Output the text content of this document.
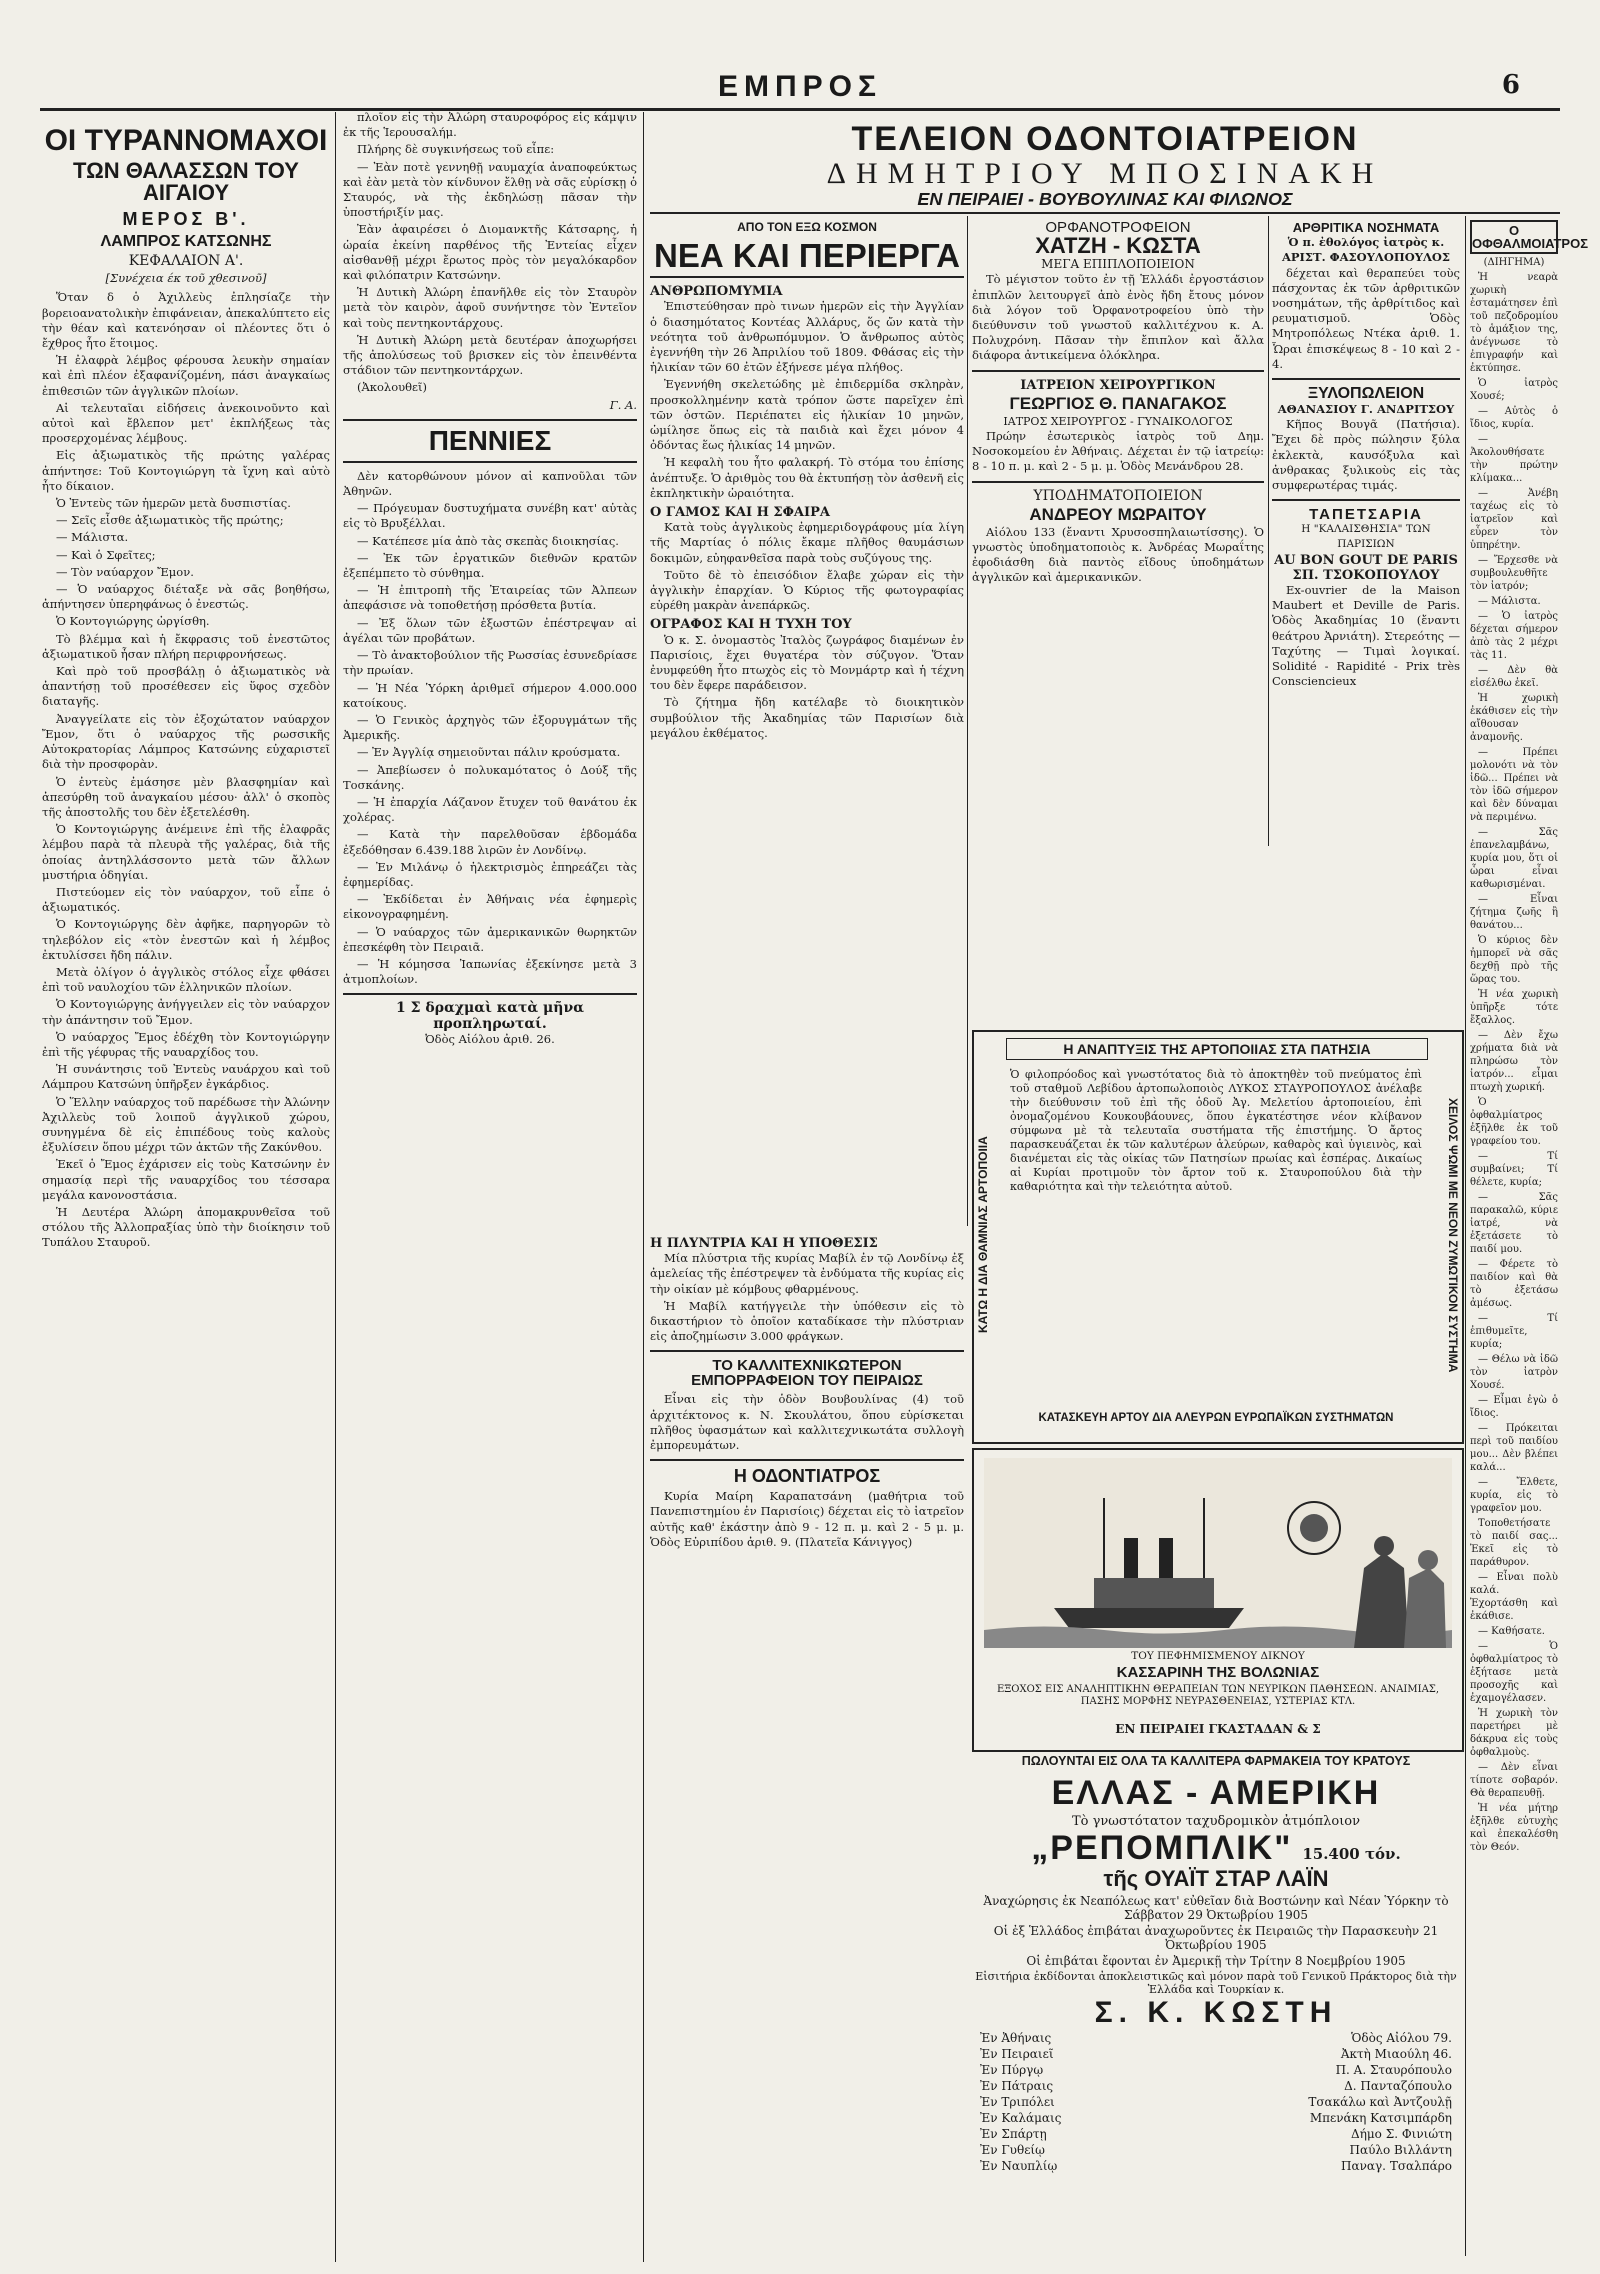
ΕΜΠΡΟΣ	6
ΟΙ ΤΥΡΑΝΝΟΜΑΧΟΙ
ΤΩΝ ΘΑΛΑΣΣΩΝ ΤΟΥ ΑΙΓΑΙΟΥ
ΜΕΡΟΣ Β'.
ΛΑΜΠΡΟΣ ΚΑΤΣΩΝΗΣ
ΚΕΦΑΛΑΙΟΝ Α'.
[Συνέχεια έκ τοῦ χθεσινοῦ]

Ὅταν δ ὁ Ἀχιλλεὺς ἐπλησίαζε τὴν βορειοανατολικὴν ἐπιφάνειαν, ἀπεκαλύπτετο εἰς τὴν θέαν καὶ κατενόησαν οἱ πλέοντες ὅτι ὁ ἔχθρος ἦτο ἕτοιμος.

Ἡ ἐλαφρὰ λέμβος φέρουσα λευκὴν σημαίαν καὶ ἐπὶ πλέον ἐξαφανίζομένη, πάσι ἀναγκαίως ἐπιθεσιῶν τῶν ἀγγλικῶν πλοίων.

Αἱ τελευταῖαι εἰδήσεις ἀνεκοινοῦντο καὶ αὐτοὶ καὶ ἔβλεπον μετ' ἐκπλήξεως τὰς προσερχομένας λέμβους.

Εἰς ἀξιωματικὸς τῆς πρώτης γαλέρας ἀπήντησε: Τοῦ Κοντογιώργη τὰ ἴχνη καὶ αὐτὸ ἦτο δίκαιον.

Ὁ Ἐντεὺς τῶν ἡμερῶν μετὰ δυσπιστίας.

— Σεῖς εἶσθε ἀξιωματικὸς τῆς πρώτης;

— Μάλιστα.

— Καὶ ὁ Σφεῖτες;

— Τὸν ναύαρχον Ἔμον.

— Ὁ ναύαρχος διέταξε νὰ σᾶς βοηθήσω, ἀπήντησεν ὑπερηφάνως ὁ ἐνεστώς.

Ὁ Κοντογιώργης ὡργίσθη.

Τὸ βλέμμα καὶ ἡ ἔκφρασις τοῦ ἐνεστῶτος ἀξιωματικοῦ ἦσαν πλήρη περιφρονήσεως.

Καὶ πρὸ τοῦ προσβάλῃ ὁ ἀξιωματικὸς νὰ ἀπαντήσῃ τοῦ προσέθεσεν εἰς ὕφος σχεδὸν διαταγῆς.

Ἀναγγείλατε εἰς τὸν ἐξοχώτατον ναύαρχον Ἔμον, ὅτι ὁ ναύαρχος τῆς ρωσσικῆς Αὐτοκρατορίας Λάμπρος Κατσώνης εὐχαριστεῖ διὰ τὴν προσφορὰν.

Ὁ ἐντεὺς ἐμάσησε μὲν βλασφημίαν καὶ ἀπεσύρθη τοῦ ἀναγκαίου μέσου· ἀλλ' ὁ σκοπὸς τῆς ἀποστολῆς του δὲν ἐξετελέσθη.

Ὁ Κοντογιώργης ἀνέμεινε ἐπὶ τῆς ἐλαφρᾶς λέμβου παρὰ τὰ πλευρὰ τῆς γαλέρας, διὰ τῆς ὁποίας ἀντηλλάσσοντο μετὰ τῶν ἄλλων μυστήρια ὁδηγίαι.

Πιστεύομεν εἰς τὸν ναύαρχον, τοῦ εἶπε ὁ ἀξιωματικός.

Ὁ Κοντογιώργης δὲν ἀφῆκε, παρηγορῶν τὸ τηλεβόλον εἰς «τὸν ἐνεστῶν καὶ ἡ λέμβος ἐκτυλίσσει ἤδη πάλιν.

Μετὰ ὀλίγον ὁ ἀγγλικὸς στόλος εἶχε φθάσει ἐπὶ τοῦ ναυλοχίου τῶν ἑλληνικῶν πλοίων.

Ὁ Κοντογιώργης ἀνήγγειλεν εἰς τὸν ναύαρχον τὴν ἀπάντησιν τοῦ Ἔμον.

Ὁ ναύαρχος Ἔμος ἐδέχθη τὸν Κοντογιώργην ἐπὶ τῆς γέφυρας τῆς ναυαρχίδος του.

Ἡ συνάντησις τοῦ Ἐντεὺς ναυάρχου καὶ τοῦ Λάμπρου Κατσώνη ὑπῆρξεν ἐγκάρδιος.

Ὁ Ἕλλην ναύαρχος τοῦ παρέδωσε τὴν Ἀλώνην Ἀχιλλεὺς τοῦ λοιποῦ ἀγγλικοῦ χώρου, συνηγμένα δὲ εἰς ἐπιπέδους τοὺς καλοὺς ἐξυλίσειν ὅπου μέχρι τῶν ἀκτῶν τῆς Ζακύνθου.

Ἐκεῖ ὁ Ἔμος ἐχάρισεν εἰς τοὺς Κατσώνην ἐν σημασίᾳ περὶ τῆς ναυαρχίδος του τέσσαρα μεγάλα κανονοστάσια.

Ἡ Δευτέρα Ἀλώρη ἀπομακρυνθεῖσα τοῦ στόλου τῆς Ἀλλοπραξίας ὑπὸ τὴν διοίκησιν τοῦ Τυπάλου Σταυροῦ.

πλοῖον εἰς τὴν Ἀλώρη σταυροφόρος εἰς κάμψιν ἐκ τῆς Ἱερουσαλήμ.

Πλήρης δὲ συγκινήσεως τοῦ εἶπε:

— Ἐὰν ποτὲ γεννηθῇ ναυμαχία ἀναποφεύκτως καὶ ἐὰν μετὰ τὸν κίνδυνον ἔλθῃ νὰ σᾶς εὑρίσκῃ ὁ Σταυρός, νὰ τὴς ἐκδηλώσῃ πᾶσαν τὴν ὑποστήριξίν μας.

Ἐὰν ἀφαιρέσει ὁ Διομανκτῆς Κάτσαρης, ἡ ὡραία ἐκείνη παρθένος τῆς Ἐντείας εἶχεν αἰσθανθῇ μέχρι ἔρωτος πρὸς τὸν μεγαλόκαρδον καὶ φιλόπατριν Κατσώνην.

Ἡ Δυτικὴ Ἀλώρη ἐπανῆλθε εἰς τὸν Σταυρὸν μετὰ τὸν καιρὸν, ἀφοῦ συνήντησε τὸν Ἐντεῖον καὶ τοὺς πεντηκοντάρχους.

Ἡ Δυτικὴ Ἀλώρη μετὰ δευτέραν ἀποχωρήσει τῆς ἀπολύσεως τοῦ βρισκεν εἰς τὸν ἐπεινθέντα στάδιον τῶν πεντηκοντάρχων.

(Ἀκολουθεῖ)

Γ. Α.
ΠΕΝΝΙΕΣ

Δὲν κατορθώνουν μόνον αἱ καπνοῦλαι τῶν Ἀθηνῶν.

— Πρόγευμαν δυστυχήματα συνέβη κατ' αὐτὰς εἰς τὸ Βρυξέλλαι.

— Κατέπεσε μία ἀπὸ τὰς σκεπὰς διοικησίας.

— Ἐκ τῶν ἐργατικῶν διεθνῶν κρατῶν ἐξεπέμπετο τὸ σύνθημα.

— Ἡ ἐπιτροπὴ τῆς Ἐταιρείας τῶν Ἀλπεων ἀπεφάσισε νὰ τοποθετήσῃ πρόσθετα βυτία.

— Ἐξ ὅλων τῶν ἐξωστῶν ἐπέστρεψαν αἱ ἀγέλαι τῶν προβάτων.

— Τὸ ἀνακτοβούλιον τῆς Ρωσσίας ἐσυνεδρίασε τὴν πρωίαν.

— Ἡ Νέα Ὑόρκη ἀριθμεῖ σήμερον 4.000.000 κατοίκους.

— Ὁ Γενικὸς ἀρχηγὸς τῶν ἐξορυγμάτων τῆς Ἀμερικῆς.

— Ἐν Ἀγγλίᾳ σημειοῦνται πάλιν κρούσματα.

— Ἀπεβίωσεν ὁ πολυκαμότατος ὁ Δούξ τῆς Τοσκάνης.

— Ἡ ἐπαρχία Λάζανον ἔτυχεν τοῦ θανάτου ἐκ χολέρας.

— Κατὰ τὴν παρελθοῦσαν ἑβδομάδα ἐξεδόθησαν 6.439.188 λιρῶν ἐν Λονδίνῳ.

— Ἐν Μιλάνῳ ὁ ἡλεκτρισμὸς ἐπηρεάζει τὰς ἐφημερίδας.

— Ἐκδίδεται ἐν Ἀθήναις νέα ἐφημερὶς εἰκονογραφημένη.

— Ὁ ναύαρχος τῶν ἀμερικανικῶν θωρηκτῶν ἐπεσκέφθη τὸν Πειραιᾶ.

— Ἡ κόμησσα Ἰαπωνίας ἐξεκίνησε μετὰ 3 ἀτμοπλοίων.

1 Σ δραχμαὶ κατὰ μῆνα προπληρωταί.
Ὀδὸς Αἰόλου ἀριθ. 26.
ΤΕΛΕΙΟΝ ΟΔΟΝΤΟΙΑΤΡΕΙΟΝ
ΔΗΜΗΤΡΙΟΥ ΜΠΟΣΙΝΑΚΗ
ΕΝ ΠΕΙΡΑΙΕΙ - ΒΟΥΒΟΥΛΙΝΑΣ ΚΑΙ ΦΙΛΩΝΟΣ
ΑΠΟ ΤΟΝ ΕΞΩ ΚΟΣΜΟΝ
ΝΕΑ ΚΑΙ ΠΕΡΙΕΡΓΑ
ΑΝΘΡΩΠΟΜΥΜΙΑ

Ἐπιστεύθησαν πρὸ τινων ἡμερῶν εἰς τὴν Ἀγγλίαν ὁ διασημότατος Κοντέας Ἀλλάρυς, ὅς ὤν κατὰ τὴν νεότητα τοῦ ἀνθρωπόμυμον. Ὁ ἄνθρωπος αὐτὸς ἐγεννήθη τὴν 26 Ἀπριλίου τοῦ 1809. Φθάσας εἰς τὴν ἡλικίαν τῶν 60 ἐτῶν ἐξήνεσε μέγα πλήθος.

Ἐγεννήθη σκελετώδης μὲ ἐπιδερμίδα σκληρὰν, προσκολλημένην κατὰ τρόπον ὥστε παρεῖχεν ἐπὶ τῶν ὀστῶν. Περιέπατει εἰς ἡλικίαν 10 μηνῶν, ὡμίλησε ὅπως εἰς τὰ παιδιὰ καὶ ἔχει μόνον 4 ὀδόντας ἕως ἡλικίας 14 μηνῶν.

Ἡ κεφαλὴ του ἦτο φαλακρή. Τὸ στόμα του ἐπίσης ἀνέπτυξε. Ὁ ἀριθμὸς του θὰ ἐκτυπήσῃ τὸν ἀσθενῆ εἰς ἐκπληκτικὴν ὡραιότητα.

Ο ΓΑΜΟΣ ΚΑΙ Η ΣΦΑΙΡΑ

Κατὰ τοὺς ἀγγλικοὺς ἐφημεριδογράφους μία λίγη τῆς Μαρτίας ὁ πόλις ἔκαμε πλῆθος θαυμάσιων δοκιμῶν, εὐηφανθεῖσα παρὰ τοὺς συζύγους της.

Τοῦτο δὲ τὸ ἐπεισόδιον ἔλαβε χώραν εἰς τὴν ἀγγλικὴν ἐπαρχίαν. Ὁ Κύριος τῆς φωτογραφίας εὑρέθη μακρὰν ἀνεπάρκῶς.

ΟΓΡΑΦΟΣ ΚΑΙ Η ΤΥΧΗ ΤΟΥ

Ὁ κ. Σ. ὀνομαστὸς Ἰταλὸς ζωγράφος διαμένων ἐν Παρισίοις, ἔχει θυγατέρα τὸν σύζυγον. Ὅταν ἐνυμφεύθη ἦτο πτωχὸς εἰς τὸ Μονμάρτρ καὶ ἡ τέχνη του δὲν ἔφερε παράδεισον.

Τὸ ζήτημα ἤδη κατέλαβε τὸ διοικητικὸν συμβούλιον τῆς Ἀκαδημίας τῶν Παρισίων διὰ μεγάλου ἐκθέματος.

ΟΡΦΑΝΟΤΡΟΦΕΙΟΝ
ΧΑΤΖΗ - ΚΩΣΤΑ
ΜΕΓΑ ΕΠΙΠΛΟΠΟΙΕΙΟΝ

Τὸ μέγιστον τοῦτο ἐν τῇ Ἑλλάδι ἐργοστάσιον ἐπιπλῶν λειτουργεῖ ἀπὸ ἐνὸς ἤδη ἔτους μόνον διὰ λόγον τοῦ Ὀρφανοτροφείου ὑπὸ τὴν διεύθυνσιν τοῦ γνωστοῦ καλλιτέχνου κ. Α. Πολυχρόνη. Πᾶσαν τὴν ἔπιπλον καὶ ἄλλα διάφορα ἀντικείμενα ὁλόκληρα.

ΙΑΤΡΕΙΟΝ ΧΕΙΡΟΥΡΓΙΚΟΝ
ΓΕΩΡΓΙΟΣ Θ. ΠΑΝΑΓΑΚΟΣ
ΙΑΤΡΟΣ ΧΕΙΡΟΥΡΓΟΣ - ΓΥΝΑΙΚΟΛΟΓΟΣ

Πρώην ἐσωτερικὸς ἰατρὸς τοῦ Δημ. Νοσοκομείου ἐν Ἀθήναις. Δέχεται ἐν τῷ ἰατρείῳ: 8 - 10 π. μ. καὶ 2 - 5 μ. μ. Ὁδὸς Μενάνδρου 28.

ΥΠΟΔΗΜΑΤΟΠΟΙΕΙΟΝ
ΑΝΔΡΕΟΥ ΜΩΡΑΙΤΟΥ

Αἰόλου 133 (ἔναντι Χρυσοσπηλαιωτίσσης). Ὁ γνωστὸς ὑποδηματοποιὸς κ. Ἀνδρέας Μωραΐτης ἐφοδιάσθη διὰ παντὸς εἴδους ὑποδημάτων ἀγγλικῶν καὶ ἀμερικανικῶν.

ΑΡΘΡΙΤΙΚΑ ΝΟΣΗΜΑΤΑ
Ὁ π. ἐθολόγος ἰατρὸς κ. ΑΡΙΣΤ. ΦΑΣΟΥΛΟΠΟΥΛΟΣ

δέχεται καὶ θεραπεύει τοὺς πάσχοντας ἐκ τῶν ἀρθριτικῶν νοσημάτων, τῆς ἀρθρίτιδος καὶ ρευματισμοῦ. Ὁδὸς Μητροπόλεως Ντέκα ἀριθ. 1. Ὧραι ἐπισκέψεως 8 - 10 καὶ 2 - 4.

ΞΥΛΟΠΩΛΕΙΟΝ
ΑΘΑΝΑΣΙΟΥ Γ. ΑΝΔΡΙΤΣΟΥ

Κῆπος Βουγᾶ (Πατήσια). Ἔχει δὲ πρὸς πώλησιν ξύλα ἐκλεκτὰ, καυσόξυλα καὶ ἀνθρακας ξυλικοὺς εἰς τὰς συμφερωτέρας τιμάς.

ΤΑΠΕΤΣΑΡΙΑ
Η "ΚΑΛΑΙΣΘΗΣΙΑ" ΤΩΝ ΠΑΡΙΣΙΩΝ
AU BON GOUT DE PARIS
ΣΠ. ΤΣΟΚΟΠΟΥΛΟΥ

Ex-ouvrier de la Maison Maubert et Deville de Paris. Ὁδὸς Ἀκαδημίας 10 (ἔναντι θεάτρου Ἀρνιάτη). Στερεότης — Ταχύτης — Τιμαὶ λογικαί. Solidité - Rapidité - Prix très Consciencieux

ΚΑΤΩ Η ΔΙΑ ΘΑΜΝΙΑΣ ΑΡΤΟΠΟΙΙΑ	ΧΕΙΛΟΣ ΨΩΜΙ ΜΕ ΝΕΟΝ ΖΥΜΩΤΙΚΟΝ ΣΥΣΤΗΜΑ
Η ΑΝΑΠΤΥΞΙΣ ΤΗΣ ΑΡΤΟΠΟΙΙΑΣ ΣΤΑ ΠΑΤΗΣΙΑ
Ὁ φιλοπρόοδος καὶ γνωστότατος διὰ τὸ ἀποκτηθὲν τοῦ πνεύματος ἐπὶ τοῦ σταθμοῦ Λεβίδου ἀρτοπωλοποιὸς ΛΥΚΟΣ ΣΤΑΥΡΟΠΟΥΛΟΣ ἀνέλαβε τὴν διεύθυνσιν τοῦ ἐπὶ τῆς ὁδοῦ Ἀγ. Μελετίου ἀρτοποιείου, ἐπὶ ὀνομαζομένου Κουκουβάουνες, ὅπου ἐγκατέστησε νέον κλίβανον σύμφωνα μὲ τὰ τελευταῖα συστήματα τῆς ἐπιστήμης. Ὁ ἄρτος παρασκευάζεται ἐκ τῶν καλυτέρων ἀλεύρων, καθαρὸς καὶ ὑγιεινὸς, καὶ διανέμεται εἰς τὰς οἰκίας τῶν Πατησίων πρωίας καὶ ἑσπέρας. Δικαίως αἱ Κυρίαι προτιμοῦν τὸν ἄρτον τοῦ κ. Σταυροπούλου διὰ τὴν καθαριότητα καὶ τὴν τελειότητα αὐτοῦ.
ΚΑΤΑΣΚΕΥΗ ΑΡΤΟΥ ΔΙΑ ΑΛΕΥΡΩΝ ΕΥΡΩΠΑΪΚΩΝ ΣΥΣΤΗΜΑΤΩΝ
ΤΟΥ ΠΕΦΗΜΙΣΜΕΝΟΥ ΔΙΚΝΟΥ
ΚΑΣΣΑΡΙΝΗ ΤΗΣ ΒΟΛΩΝΙΑΣ
ΕΞΟΧΟΣ ΕΙΣ ΑΝΑΛΗΠΤΙΚΗΝ ΘΕΡΑΠΕΙΑΝ ΤΩΝ ΝΕΥΡΙΚΩΝ ΠΑΘΗΣΕΩΝ. ΑΝΑΙΜΙΑΣ, ΠΑΣΗΣ ΜΟΡΦΗΣ ΝΕΥΡΑΣΘΕΝΕΙΑΣ, ΥΣΤΕΡΙΑΣ ΚΤΛ.
ΕΝ ΠΕΙΡΑΙΕΙ ΓΚΑΣΤΑΔΑΝ & Σ
ΠΩΛΟΥΝΤΑΙ ΕΙΣ ΟΛΑ ΤΑ ΚΑΛΛΙΤΕΡΑ ΦΑΡΜΑΚΕΙΑ ΤΟΥ ΚΡΑΤΟΥΣ
ΕΛΛΑΣ - ΑΜΕΡΙΚΗ
Τὸ γνωστότατον ταχυδρομικὸν ἀτμόπλοιον
„ΡΕΠΟΜΠΛΙΚ" 15.400 τόν.
τῆς ΟΥΑΪΤ ΣΤΑΡ ΛΑΪΝ
Ἀναχώρησις ἐκ Νεαπόλεως κατ' εὐθεῖαν διὰ Βοστώνην καὶ Νέαν Ὑόρκην τὸ Σάββατον 29 Ὀκτωβρίου 1905
Οἱ ἐξ Ἑλλάδος ἐπιβάται ἀναχωροῦντες ἐκ Πειραιῶς τὴν Παρασκευὴν 21 Ὀκτωβρίου 1905
Οἱ ἐπιβάται ἔφονται ἐν Ἀμερικῇ τὴν Τρίτην 8 Νοεμβρίου 1905
Εἰσιτήρια ἐκδίδονται ἀποκλειστικῶς καὶ μόνον παρὰ τοῦ Γενικοῦ Πράκτορος διὰ τὴν Ἑλλάδα καὶ Τουρκίαν κ.
Σ. Κ. ΚΩΣΤΗ
Ἐν Ἀθήναις	Ὁδὸς Αἰόλου 79.
Ἐν Πειραιεῖ	Ἀκτὴ Μιαούλη 46.
Ἐν Πύργῳ	Π. Α. Σταυρόπουλο
Ἐν Πάτραις	Δ. Πανταζόπουλο
Ἐν Τριπόλει	Τσακάλω καὶ Ἀντζουλῇ
Ἐν Καλάμαις	Μπενάκη Κατσιμπάρδη
Ἐν Σπάρτῃ	Δήμο Σ. Φινιώτη
Ἐν Γυθείῳ	Παύλο Βιλλάντη
Ἐν Ναυπλίῳ	Παναγ. Τσαλπάρο
Η ΠΛΥΝΤΡΙΑ ΚΑΙ Η ΥΠΟΘΕΣΙΣ

Μία πλύστρια τῆς κυρίας Μαβίλ ἐν τῷ Λονδίνῳ ἐξ ἀμελείας τῆς ἐπέστρεψεν τὰ ἐνδύματα τῆς κυρίας εἰς τὴν οἰκίαν μὲ κόμβους φθαρμένους.

Ἡ Μαβίλ κατήγγειλε τὴν ὑπόθεσιν εἰς τὸ δικαστήριον τὸ ὁποῖον καταδίκασε τὴν πλύστριαν εἰς ἀποζημίωσιν 3.000 φράγκων.

ΤΟ ΚΑΛΛΙΤΕΧΝΙΚΩΤΕΡΟΝ ΕΜΠΟΡΡΑΦΕΙΟΝ ΤΟΥ ΠΕΙΡΑΙΩΣ

Εἶναι εἰς τὴν ὁδὸν Βουβουλίνας (4) τοῦ ἀρχιτέκτονος κ. Ν. Σκουλάτου, ὅπου εὑρίσκεται πλῆθος ὑφασμάτων καὶ καλλιτεχνικωτάτα συλλογὴ ἐμπορευμάτων.

Η ΟΔΟΝΤΙΑΤΡΟΣ

Κυρία Μαίρη Καραπατσάνη (μαθήτρια τοῦ Πανεπιστημίου ἐν Παρισίοις) δέχεται εἰς τὸ ἰατρεῖον αὐτῆς καθ' ἑκάστην ἀπὸ 9 - 12 π. μ. καὶ 2 - 5 μ. μ. Ὁδὸς Εὐριπίδου ἀριθ. 9. (Πλατεῖα Κάνιγγος)

Ο ΟΦΘΑΛΜΟΙΑΤΡΟΣ
(ΔΙΗΓΗΜΑ)

Ἡ νεαρὰ χωρικὴ ἐσταμάτησεν ἐπὶ τοῦ πεζοδρομίου τὸ ἁμάξιον της, ἀνέγνωσε τὸ ἐπιγραφήν καὶ ἐκτύπησε.

Ὁ ἰατρὸς Χουσέ;

— Αὐτὸς ὁ ἴδιος, κυρία.

— Ἀκολουθήσατε τὴν πρώτην κλίμακα...

— Ἀνέβη ταχέως εἰς τὸ ἰατρεῖον καὶ εὗρεν τὸν ὑπηρέτην.

— Ἔρχεσθε νὰ συμβουλευθῆτε τὸν ἰατρόν;

— Μάλιστα.

— Ὁ ἰατρὸς δέχεται σήμερον ἀπὸ τὰς 2 μέχρι τὰς 11.

— Δὲν θὰ εἰσέλθω ἐκεῖ.

Ἡ χωρικὴ ἐκάθισεν εἰς τὴν αἴθουσαν ἀναμονῆς.

— Πρέπει μολονότι νὰ τὸν ἰδῶ... Πρέπει νὰ τὸν ἰδῶ σήμερον καὶ δὲν δύναμαι νὰ περιμένω.

— Σᾶς ἐπανελαμβάνω, κυρία μου, ὅτι οἱ ὧραι εἶναι καθωρισμέναι.

— Εἶναι ζήτημα ζωῆς ἢ θανάτου...

Ὁ κύριος δὲν ἠμπορεῖ νὰ σᾶς δεχθῇ πρὸ τῆς ὥρας του.

Ἡ νέα χωρικὴ ὑπῆρξε τότε ἔξαλλος.

— Δὲν ἔχω χρήματα διὰ νὰ πληρώσω τὸν ἰατρόν... εἶμαι πτωχὴ χωρική.

Ὁ ὀφθαλμίατρος ἐξῆλθε ἐκ τοῦ γραφείου του.

— Τί συμβαίνει; Τί θέλετε, κυρία;

— Σᾶς παρακαλῶ, κύριε ἰατρέ, νὰ ἐξετάσετε τὸ παιδί μου.

— Φέρετε τὸ παιδίον καὶ θὰ τὸ ἐξετάσω ἀμέσως.

— Τί ἐπιθυμεῖτε, κυρία;

— Θέλω νὰ ἰδῶ τὸν ἰατρὸν Χουσέ.

— Εἶμαι ἐγὼ ὁ ἴδιος.

— Πρόκειται περὶ τοῦ παιδίου μου... Δὲν βλέπει καλά...

— Ἔλθετε, κυρία, εἰς τὸ γραφεῖον μου.

Τοποθετήσατε τὸ παιδί σας... Ἐκεῖ εἰς τὸ παράθυρον.

— Εἶναι πολὺ καλά. Ἐχορτάσθη καὶ ἐκάθισε.

— Καθήσατε.

— Ὁ ὀφθαλμίατρος τὸ ἐξήτασε μετὰ προσοχῆς καὶ ἐχαμογέλασεν.

Ἡ χωρικὴ τὸν παρετήρει μὲ δάκρυα εἰς τοὺς ὀφθαλμοὺς.

— Δὲν εἶναι τίποτε σοβαρόν. Θὰ θεραπευθῇ.

Ἡ νέα μήτηρ ἐξῆλθε εὐτυχὴς καὶ ἐπεκαλέσθη τὸν Θεόν.
